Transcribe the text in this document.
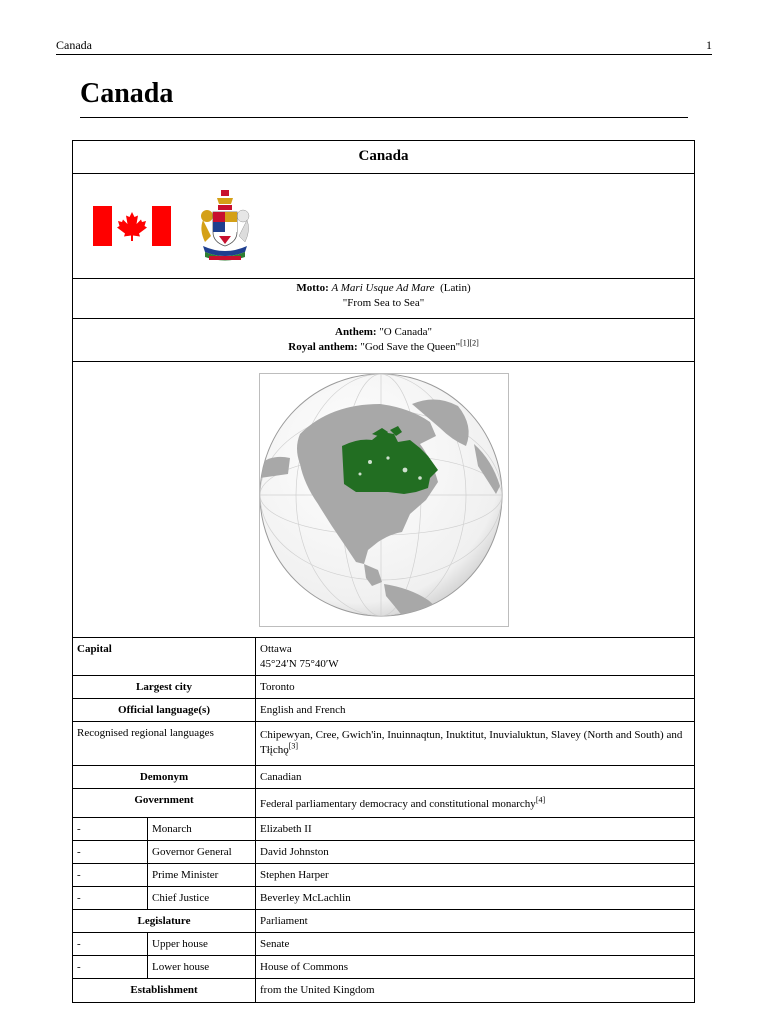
Canada	1
Canada
Canada
Motto: A Mari Usque Ad Mare (Latin)
"From Sea to Sea"
Anthem: "O Canada"
Royal anthem: "God Save the Queen"[1][2]
Capital	Ottawa
45°24′N 75°40′W
Largest city	Toronto
Official language(s)	English and French
Recognised regional languages	Chipewyan, Cree, Gwich'in, Inuinnaqtun, Inuktitut, Inuvialuktun, Slavey (North and South) and Tłįchǫ[3]
Demonym	Canadian
Government	Federal parliamentary democracy and constitutional monarchy[4]
-	Monarch	Elizabeth II
-	Governor General	David Johnston
-	Prime Minister	Stephen Harper
-	Chief Justice	Beverley McLachlin
Legislature	Parliament
-	Upper house	Senate
-	Lower house	House of Commons
Establishment	from the United Kingdom
